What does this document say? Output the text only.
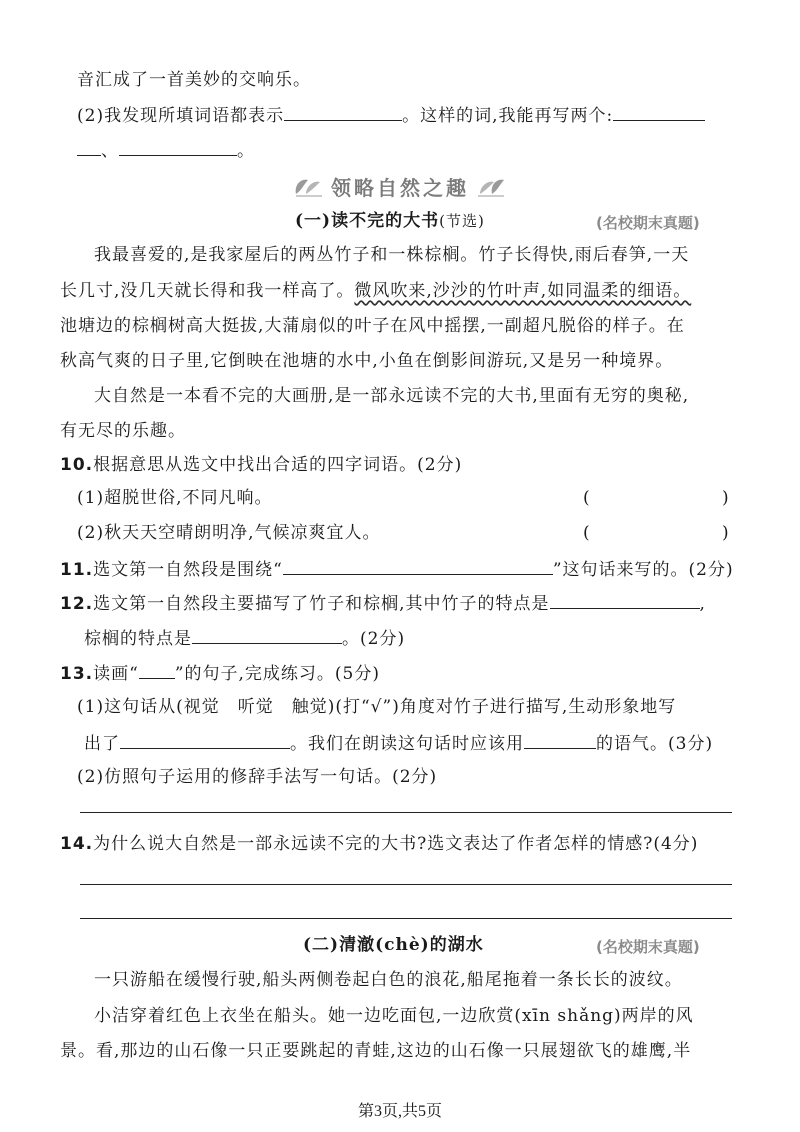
音汇成了一首美妙的交响乐。
(2)我发现所填词语都表示	。这样的词,我能再写两个:
、	。
领略自然之趣
(一)读不完的大书(节选)	(名校期末真题)
我最喜爱的,是我家屋后的两丛竹子和一株棕榈。竹子长得快,雨后春笋,一天
长几寸,没几天就长得和我一样高了。微风吹来,沙沙的竹叶声,如同温柔的细语。
池塘边的棕榈树高大挺拔,大蒲扇似的叶子在风中摇摆,一副超凡脱俗的样子。在
秋高气爽的日子里,它倒映在池塘的水中,小鱼在倒影间游玩,又是另一种境界。
大自然是一本看不完的大画册,是一部永远读不完的大书,里面有无穷的奥秘,
有无尽的乐趣。
10.根据意思从选文中找出合适的四字词语。(2分)
(1)超脱世俗,不同凡响。	(	)
(2)秋天天空晴朗明净,气候凉爽宜人。	(	)
11.选文第一自然段是围绕“	”这句话来写的。(2分)
12.选文第一自然段主要描写了竹子和棕榈,其中竹子的特点是	,
棕榈的特点是	。(2分)
13.读画“ ”的句子,完成练习。(5分)
(1)这句话从(视觉　听觉　触觉)(打“√”)角度对竹子进行描写,生动形象地写
出了	。我们在朗读这句话时应该用	的语气。(3分)
(2)仿照句子运用的修辞手法写一句话。(2分)
14.为什么说大自然是一部永远读不完的大书?选文表达了作者怎样的情感?(4分)
(二)清澈(chè)的湖水	(名校期末真题)
一只游船在缓慢行驶,船头两侧卷起白色的浪花,船尾拖着一条长长的波纹。
小洁穿着红色上衣坐在船头。她一边吃面包,一边欣赏(xīn shǎng)两岸的风
景。看,那边的山石像一只正要跳起的青蛙,这边的山石像一只展翅欲飞的雄鹰,半
第3页,共5页
